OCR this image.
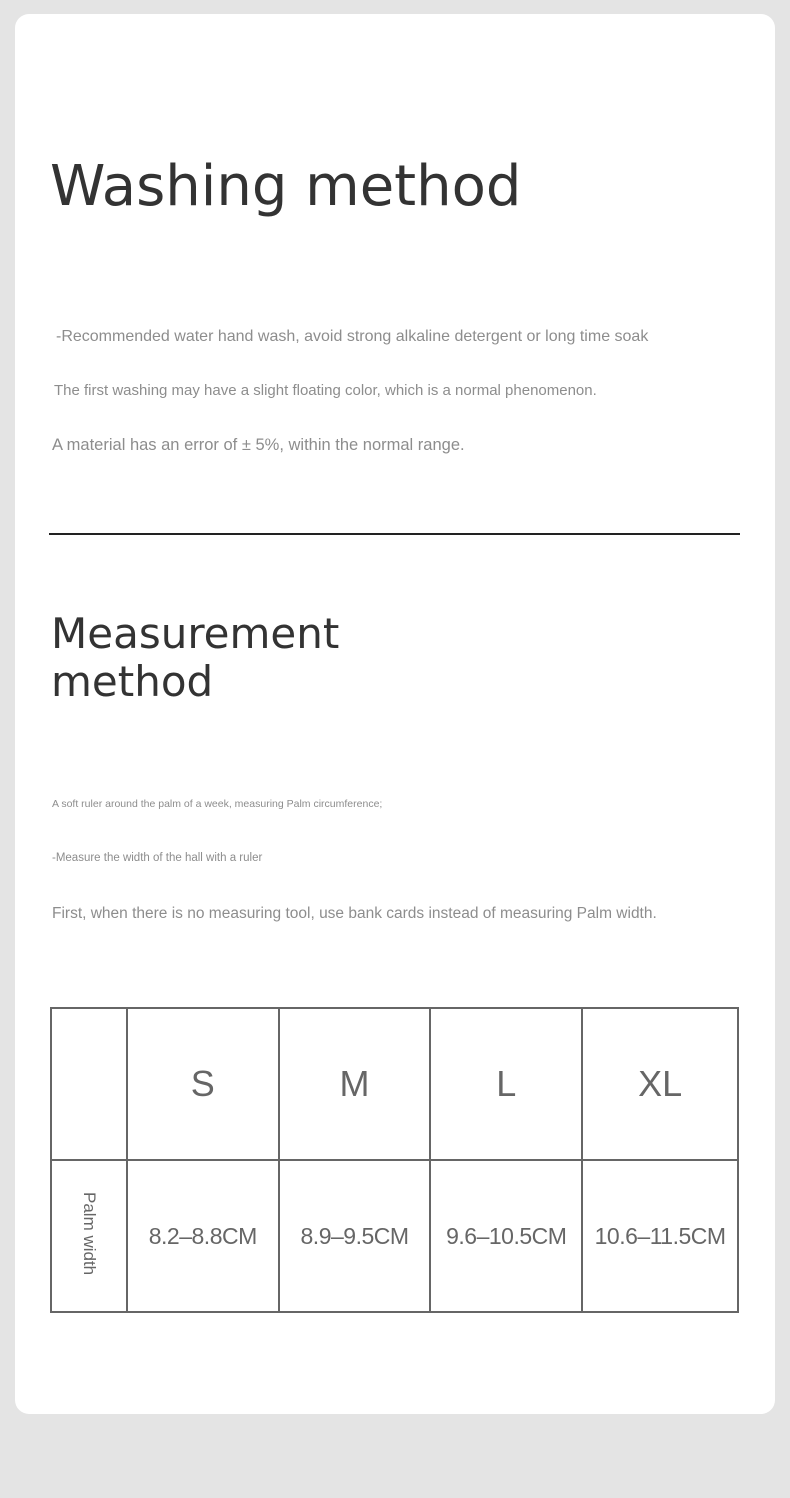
Washing method

-Recommended water hand wash, avoid strong alkaline detergent or long time soak

The first washing may have a slight floating color, which is a normal phenomenon.

A material has an error of ± 5%, within the normal range.

Measurement method

A soft ruler around the palm of a week, measuring Palm circumference;

-Measure the width of the hall with a ruler

First, when there is no measuring tool, use bank cards instead of measuring Palm width.

	S	M	L	XL
Palm width	8.2–8.8CM	8.9–9.5CM	9.6–10.5CM	10.6–11.5CM
